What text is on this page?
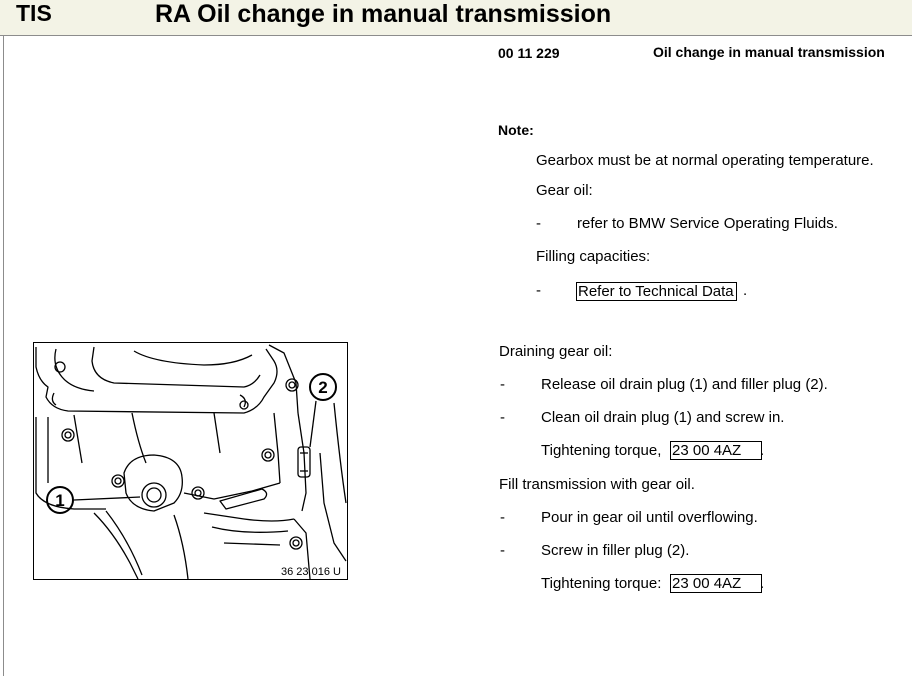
TIS	RA Oil change in manual transmission
00 11 229	Oil change in manual transmission
Note:
Gearbox must be at normal operating temperature.
Gear oil:
- refer to BMW Service Operating Fluids.
Filling capacities:
- Refer to Technical Data .
Draining gear oil:
- Release oil drain plug (1) and filler plug (2).
- Clean oil drain plug (1) and screw in.
Tightening torque, 23 00 4AZ	.
Fill transmission with gear oil.
- Pour in gear oil until overflowing.
- Screw in filler plug (2).
Tightening torque: 23 00 4AZ	.
1
2
36 23 016 U
